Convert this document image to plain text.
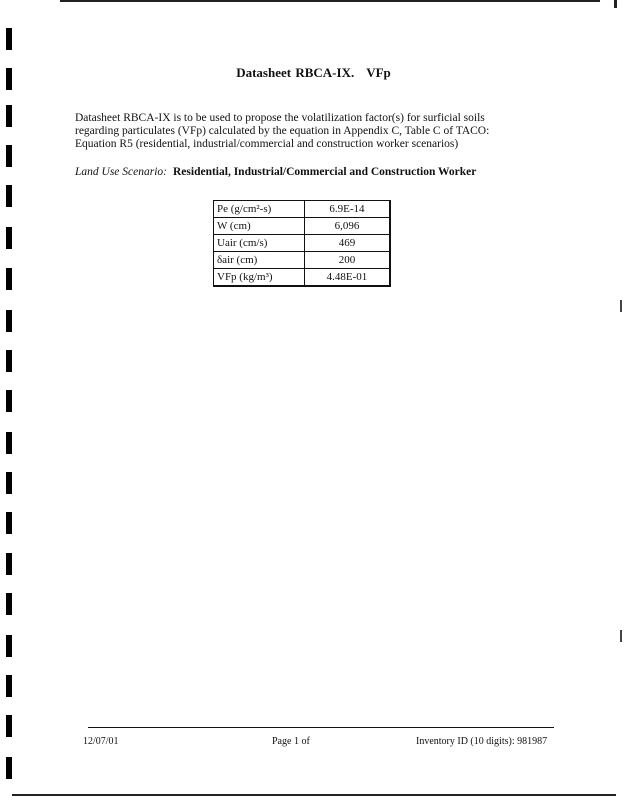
Datasheet RBCA-IX. VFp
Datasheet RBCA-IX is to be used to propose the volatilization factor(s) for surficial soils
regarding particulates (VFp) calculated by the equation in Appendix C, Table C of TACO:
Equation R5 (residential, industrial/commercial and construction worker scenarios)
Land Use Scenario: Residential, Industrial/Commercial and Construction Worker
Pe (g/cm²-s)	6.9E-14
W (cm)	6,096
Uair (cm/s)	469
δair (cm)	200
VFp (kg/m³)	4.48E-01
12/07/01	Page 1 of	Inventory ID (10 digits): 981987
